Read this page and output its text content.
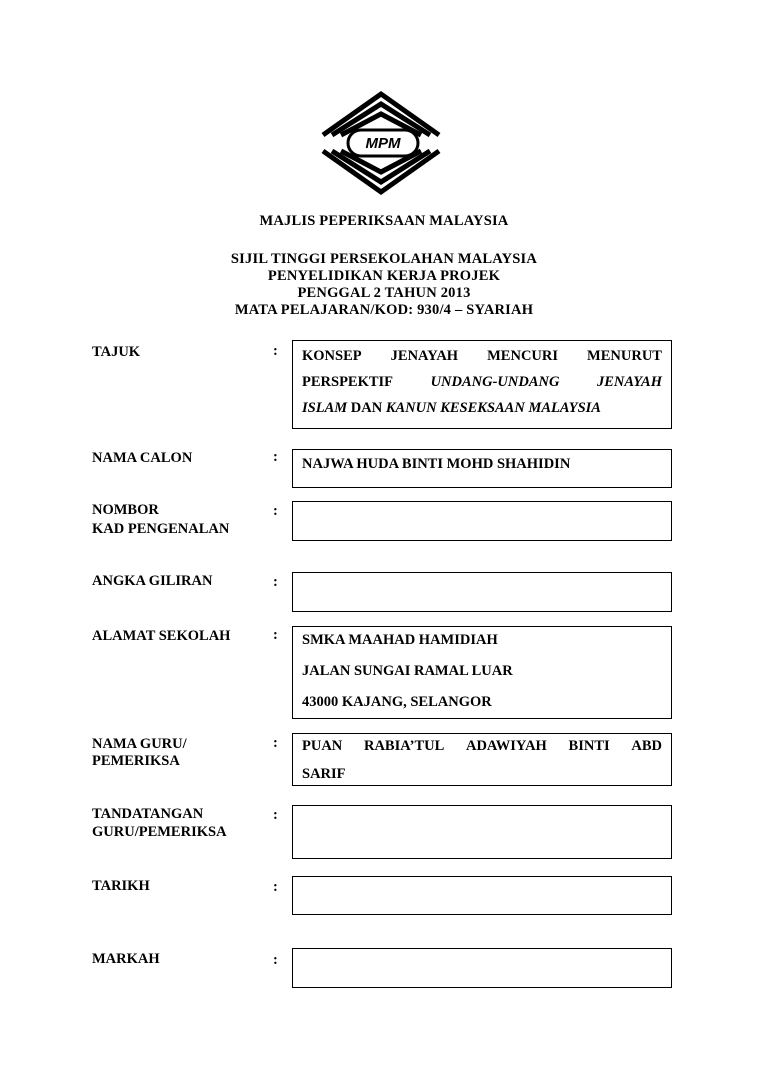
MPM
MAJLIS PEPERIKSAAN MALAYSIA
SIJIL TINGGI PERSEKOLAHAN MALAYSIA
PENYELIDIKAN KERJA PROJEK
PENGGAL 2 TAHUN 2013
MATA PELAJARAN/KOD: 930/4 – SYARIAH
TAJUK	: KONSEP JENAYAH MENCURI MENURUT
PERSPEKTIF	UNDANG-UNDANG	JENAYAH
ISLAM DAN KANUN KESEKSAAN MALAYSIA
NAMA CALON	: NAJWA HUDA BINTI MOHD SHAHIDIN
NOMBOR
KAD PENGENALAN
:
ANGKA GILIRAN	:
ALAMAT SEKOLAH	: SMKA MAAHAD HAMIDIAH
JALAN SUNGAI RAMAL LUAR
43000 KAJANG, SELANGOR
NAMA GURU/
PEMERIKSA
: PUAN RABIA’TUL ADAWIYAH BINTI ABD
SARIF
TANDATANGAN
GURU/PEMERIKSA
:
TARIKH	:
MARKAH	:
